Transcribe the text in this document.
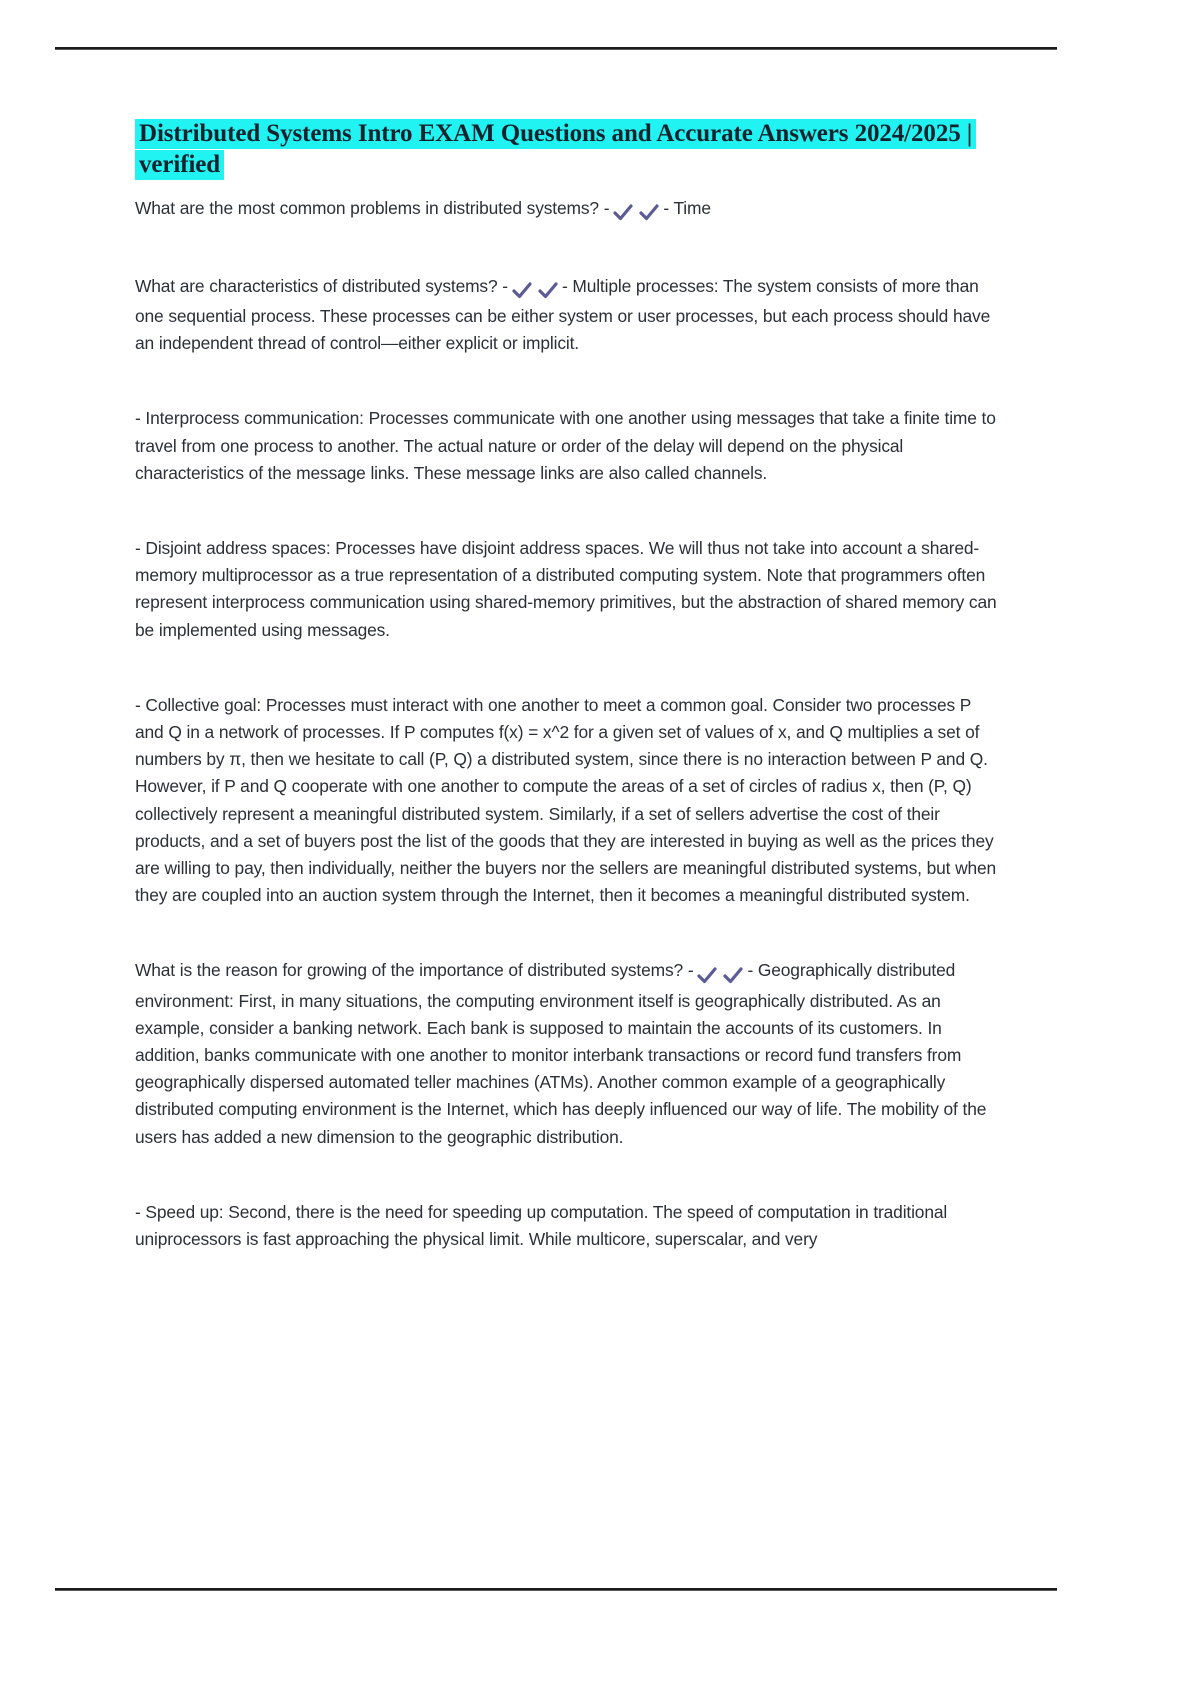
Distributed Systems Intro EXAM Questions and Accurate Answers 2024/2025 | verified

What are the most common problems in distributed systems? -	- Time

What are characteristics of distributed systems? -	- Multiple processes: The system consists of more than one sequential process. These processes can be either system or user processes, but each process should have an independent thread of control—either explicit or implicit.

- Interprocess communication: Processes communicate with one another using messages that take a finite time to travel from one process to another. The actual nature or order of the delay will depend on the physical characteristics of the message links. These message links are also called channels.

- Disjoint address spaces: Processes have disjoint address spaces. We will thus not take into account a shared-memory multiprocessor as a true representation of a distributed computing system. Note that programmers often represent interprocess communication using shared-memory primitives, but the abstraction of shared memory can be implemented using messages.

- Collective goal: Processes must interact with one another to meet a common goal. Consider two processes P and Q in a network of processes. If P computes f(x) = x^2 for a given set of values of x, and Q multiplies a set of numbers by π, then we hesitate to call (P, Q) a distributed system, since there is no interaction between P and Q. However, if P and Q cooperate with one another to compute the areas of a set of circles of radius x, then (P, Q) collectively represent a meaningful distributed system. Similarly, if a set of sellers advertise the cost of their products, and a set of buyers post the list of the goods that they are interested in buying as well as the prices they are willing to pay, then individually, neither the buyers nor the sellers are meaningful distributed systems, but when they are coupled into an auction system through the Internet, then it becomes a meaningful distributed system.

What is the reason for growing of the importance of distributed systems? -	- Geographically distributed environment: First, in many situations, the computing environment itself is geographically distributed. As an example, consider a banking network. Each bank is supposed to maintain the accounts of its customers. In addition, banks communicate with one another to monitor interbank transactions or record fund transfers from geographically dispersed automated teller machines (ATMs). Another common example of a geographically distributed computing environment is the Internet, which has deeply influenced our way of life. The mobility of the users has added a new dimension to the geographic distribution.

- Speed up: Second, there is the need for speeding up computation. The speed of computation in traditional uniprocessors is fast approaching the physical limit. While multicore, superscalar, and very
